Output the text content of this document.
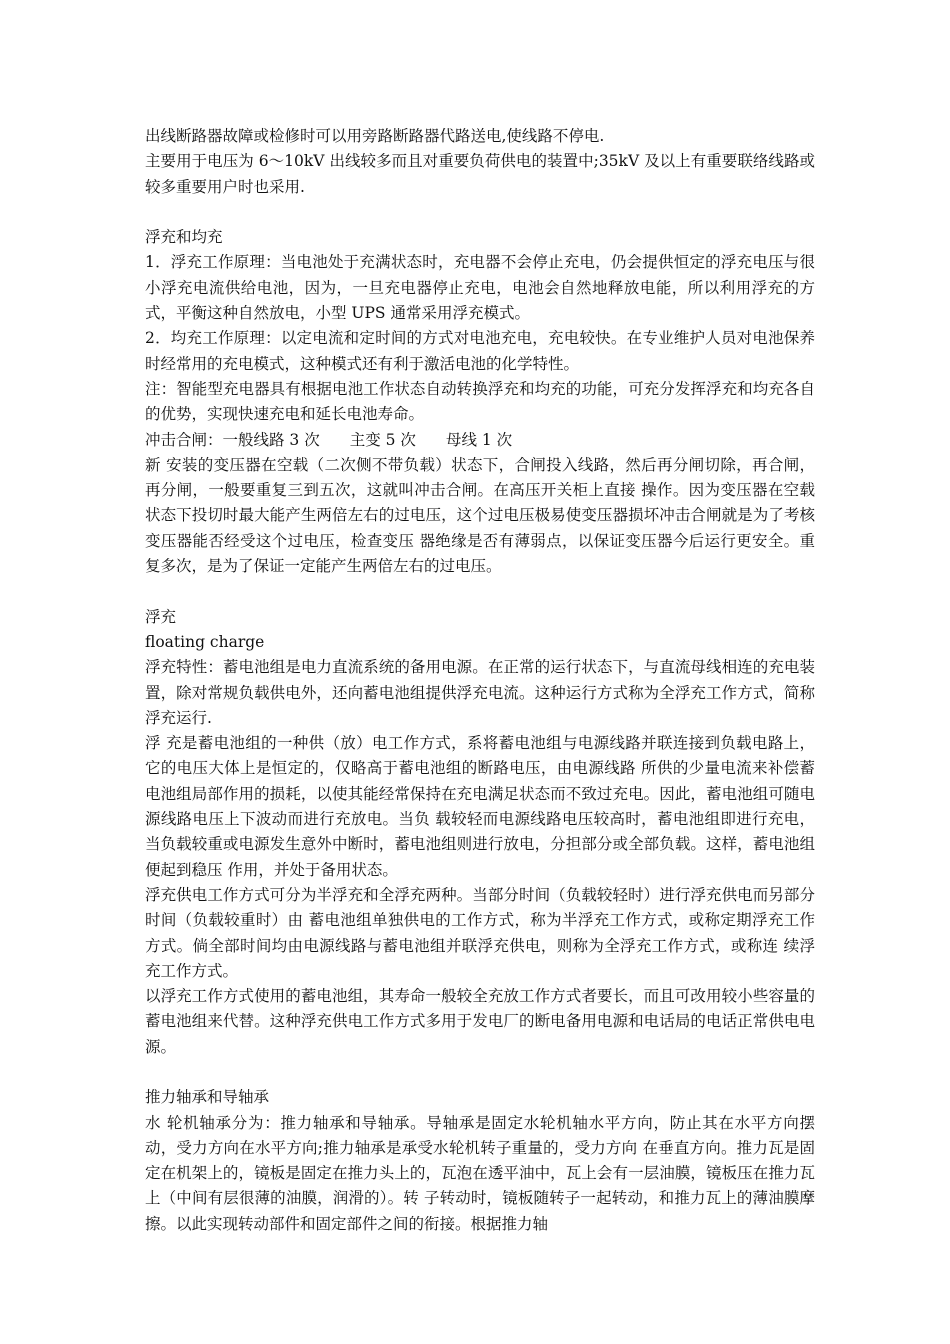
出线断路器故障或检修时可以用旁路断路器代路送电,使线路不停电.

主要用于电压为 6～10kV 出线较多而且对重要负荷供电的装置中;35kV 及以上有重要联络线路或较多重要用户时也采用.

浮充和均充

1．浮充工作原理：当电池处于充满状态时，充电器不会停止充电，仍会提供恒定的浮充电压与很小浮充电流供给电池，因为，一旦充电器停止充电，电池会自然地释放电能，所以利用浮充的方式，平衡这种自然放电，小型 UPS 通常采用浮充模式。

2．均充工作原理：以定电流和定时间的方式对电池充电，充电较快。在专业维护人员对电池保养时经常用的充电模式，这种模式还有利于激活电池的化学特性。

注：智能型充电器具有根据电池工作状态自动转换浮充和均充的功能，可充分发挥浮充和均充各自的优势，实现快速充电和延长电池寿命。

冲击合闸：一般线路 3 次 主变 5 次 母线 1 次

新 安装的变压器在空载（二次侧不带负载）状态下，合闸投入线路，然后再分闸切除，再合闸，再分闸，一般要重复三到五次，这就叫冲击合闸。在高压开关柜上直接 操作。因为变压器在空载状态下投切时最大能产生两倍左右的过电压，这个过电压极易使变压器损坏冲击合闸就是为了考核变压器能否经受这个过电压，检查变压 器绝缘是否有薄弱点，以保证变压器今后运行更安全。重复多次，是为了保证一定能产生两倍左右的过电压。

浮充

floating charge

浮充特性：蓄电池组是电力直流系统的备用电源。在正常的运行状态下，与直流母线相连的充电装置，除对常规负载供电外，还向蓄电池组提供浮充电流。这种运行方式称为全浮充工作方式，简称浮充运行.

浮 充是蓄电池组的一种供（放）电工作方式，系将蓄电池组与电源线路并联连接到负载电路上，它的电压大体上是恒定的，仅略高于蓄电池组的断路电压，由电源线路 所供的少量电流来补偿蓄电池组局部作用的损耗，以使其能经常保持在充电满足状态而不致过充电。因此，蓄电池组可随电源线路电压上下波动而进行充放电。当负 载较轻而电源线路电压较高时，蓄电池组即进行充电，当负载较重或电源发生意外中断时，蓄电池组则进行放电，分担部分或全部负载。这样，蓄电池组便起到稳压 作用，并处于备用状态。

浮充供电工作方式可分为半浮充和全浮充两种。当部分时间（负载较轻时）进行浮充供电而另部分时间（负载较重时）由 蓄电池组单独供电的工作方式，称为半浮充工作方式，或称定期浮充工作方式。倘全部时间均由电源线路与蓄电池组并联浮充供电，则称为全浮充工作方式，或称连 续浮充工作方式。

以浮充工作方式使用的蓄电池组，其寿命一般较全充放工作方式者要长，而且可改用较小些容量的蓄电池组来代替。这种浮充供电工作方式多用于发电厂的断电备用电源和电话局的电话正常供电电源。

推力轴承和导轴承

水 轮机轴承分为：推力轴承和导轴承。导轴承是固定水轮机轴水平方向，防止其在水平方向摆动，受力方向在水平方向;推力轴承是承受水轮机转子重量的，受力方向 在垂直方向。推力瓦是固定在机架上的，镜板是固定在推力头上的，瓦泡在透平油中，瓦上会有一层油膜，镜板压在推力瓦上（中间有层很薄的油膜，润滑的）。转 子转动时，镜板随转子一起转动，和推力瓦上的薄油膜摩擦。以此实现转动部件和固定部件之间的衔接。根据推力轴
